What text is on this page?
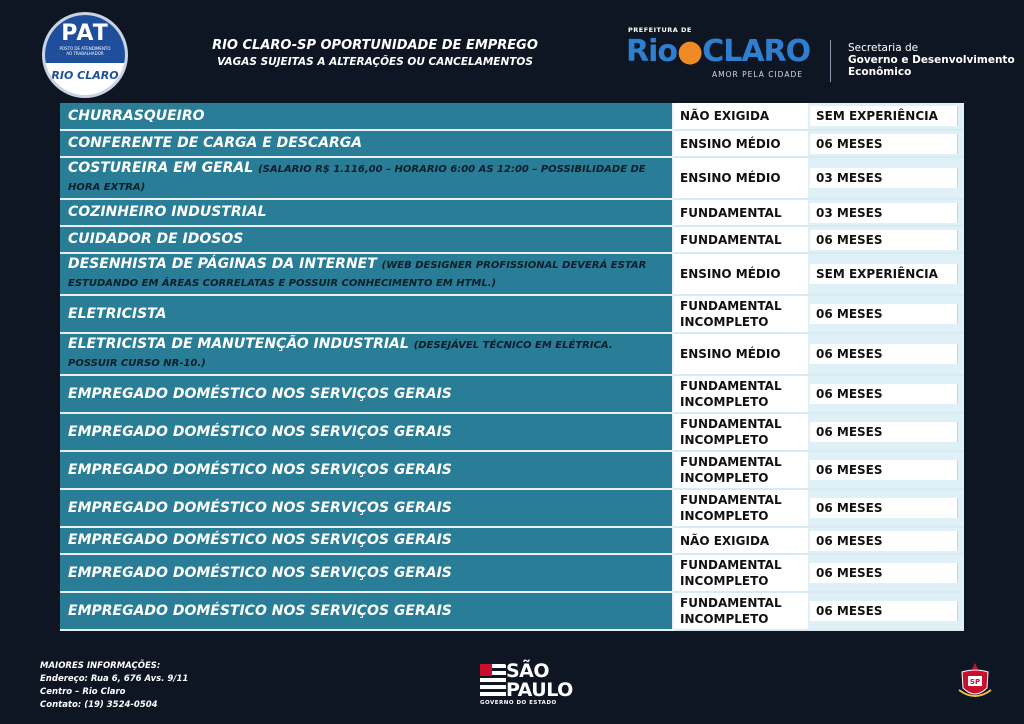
PAT
POSTO DE ATENDIMENTO AO TRABALHADOR
RIO CLARO
RIO CLARO-SP OPORTUNIDADE DE EMPREGO
VAGAS SUJEITAS A ALTERAÇÕES OU CANCELAMENTOS
PREFEITURA DE
Rio●CLARO
AMOR PELA CIDADE
Secretaria de
Governo e Desenvolvimento
Econômico
CHURRASQUEIRO	NÃO EXIGIDA	SEM EXPERIÊNCIA

CONFERENTE DE CARGA E DESCARGA	ENSINO MÉDIO	06 MESES

COSTUREIRA EM GERAL (SALARIO R$ 1.116,00 – HORARIO 6:00 AS 12:00 – POSSIBILIDADE DE HORA EXTRA)	ENSINO MÉDIO	03 MESES

COZINHEIRO INDUSTRIAL	FUNDAMENTAL	03 MESES

CUIDADOR DE IDOSOS	FUNDAMENTAL	06 MESES

DESENHISTA DE PÁGINAS DA INTERNET (WEB DESIGNER PROFISSIONAL DEVERÁ ESTAR ESTUDANDO EM ÁREAS CORRELATAS E POSSUIR CONHECIMENTO EM HTML.)	ENSINO MÉDIO	SEM EXPERIÊNCIA

ELETRICISTA	FUNDAMENTAL INCOMPLETO	06 MESES

ELETRICISTA DE MANUTENÇÃO INDUSTRIAL (DESEJÁVEL TÉCNICO EM ELÉTRICA. POSSUIR CURSO NR-10.)	ENSINO MÉDIO	06 MESES

EMPREGADO DOMÉSTICO NOS SERVIÇOS GERAIS	FUNDAMENTAL INCOMPLETO	06 MESES

EMPREGADO DOMÉSTICO NOS SERVIÇOS GERAIS	FUNDAMENTAL INCOMPLETO	06 MESES

EMPREGADO DOMÉSTICO NOS SERVIÇOS GERAIS	FUNDAMENTAL INCOMPLETO	06 MESES

EMPREGADO DOMÉSTICO NOS SERVIÇOS GERAIS	FUNDAMENTAL INCOMPLETO	06 MESES

EMPREGADO DOMÉSTICO NOS SERVIÇOS GERAIS	NÃO EXIGIDA	06 MESES

EMPREGADO DOMÉSTICO NOS SERVIÇOS GERAIS	FUNDAMENTAL INCOMPLETO	06 MESES

EMPREGADO DOMÉSTICO NOS SERVIÇOS GERAIS	FUNDAMENTAL INCOMPLETO	06 MESES
MAIORES INFORMAÇÕES:
Endereço: Rua 6, 676 Avs. 9/11
Centro – Rio Claro
Contato: (19) 3524-0504
SÃO
PAULO
GOVERNO DO ESTADO
SP
